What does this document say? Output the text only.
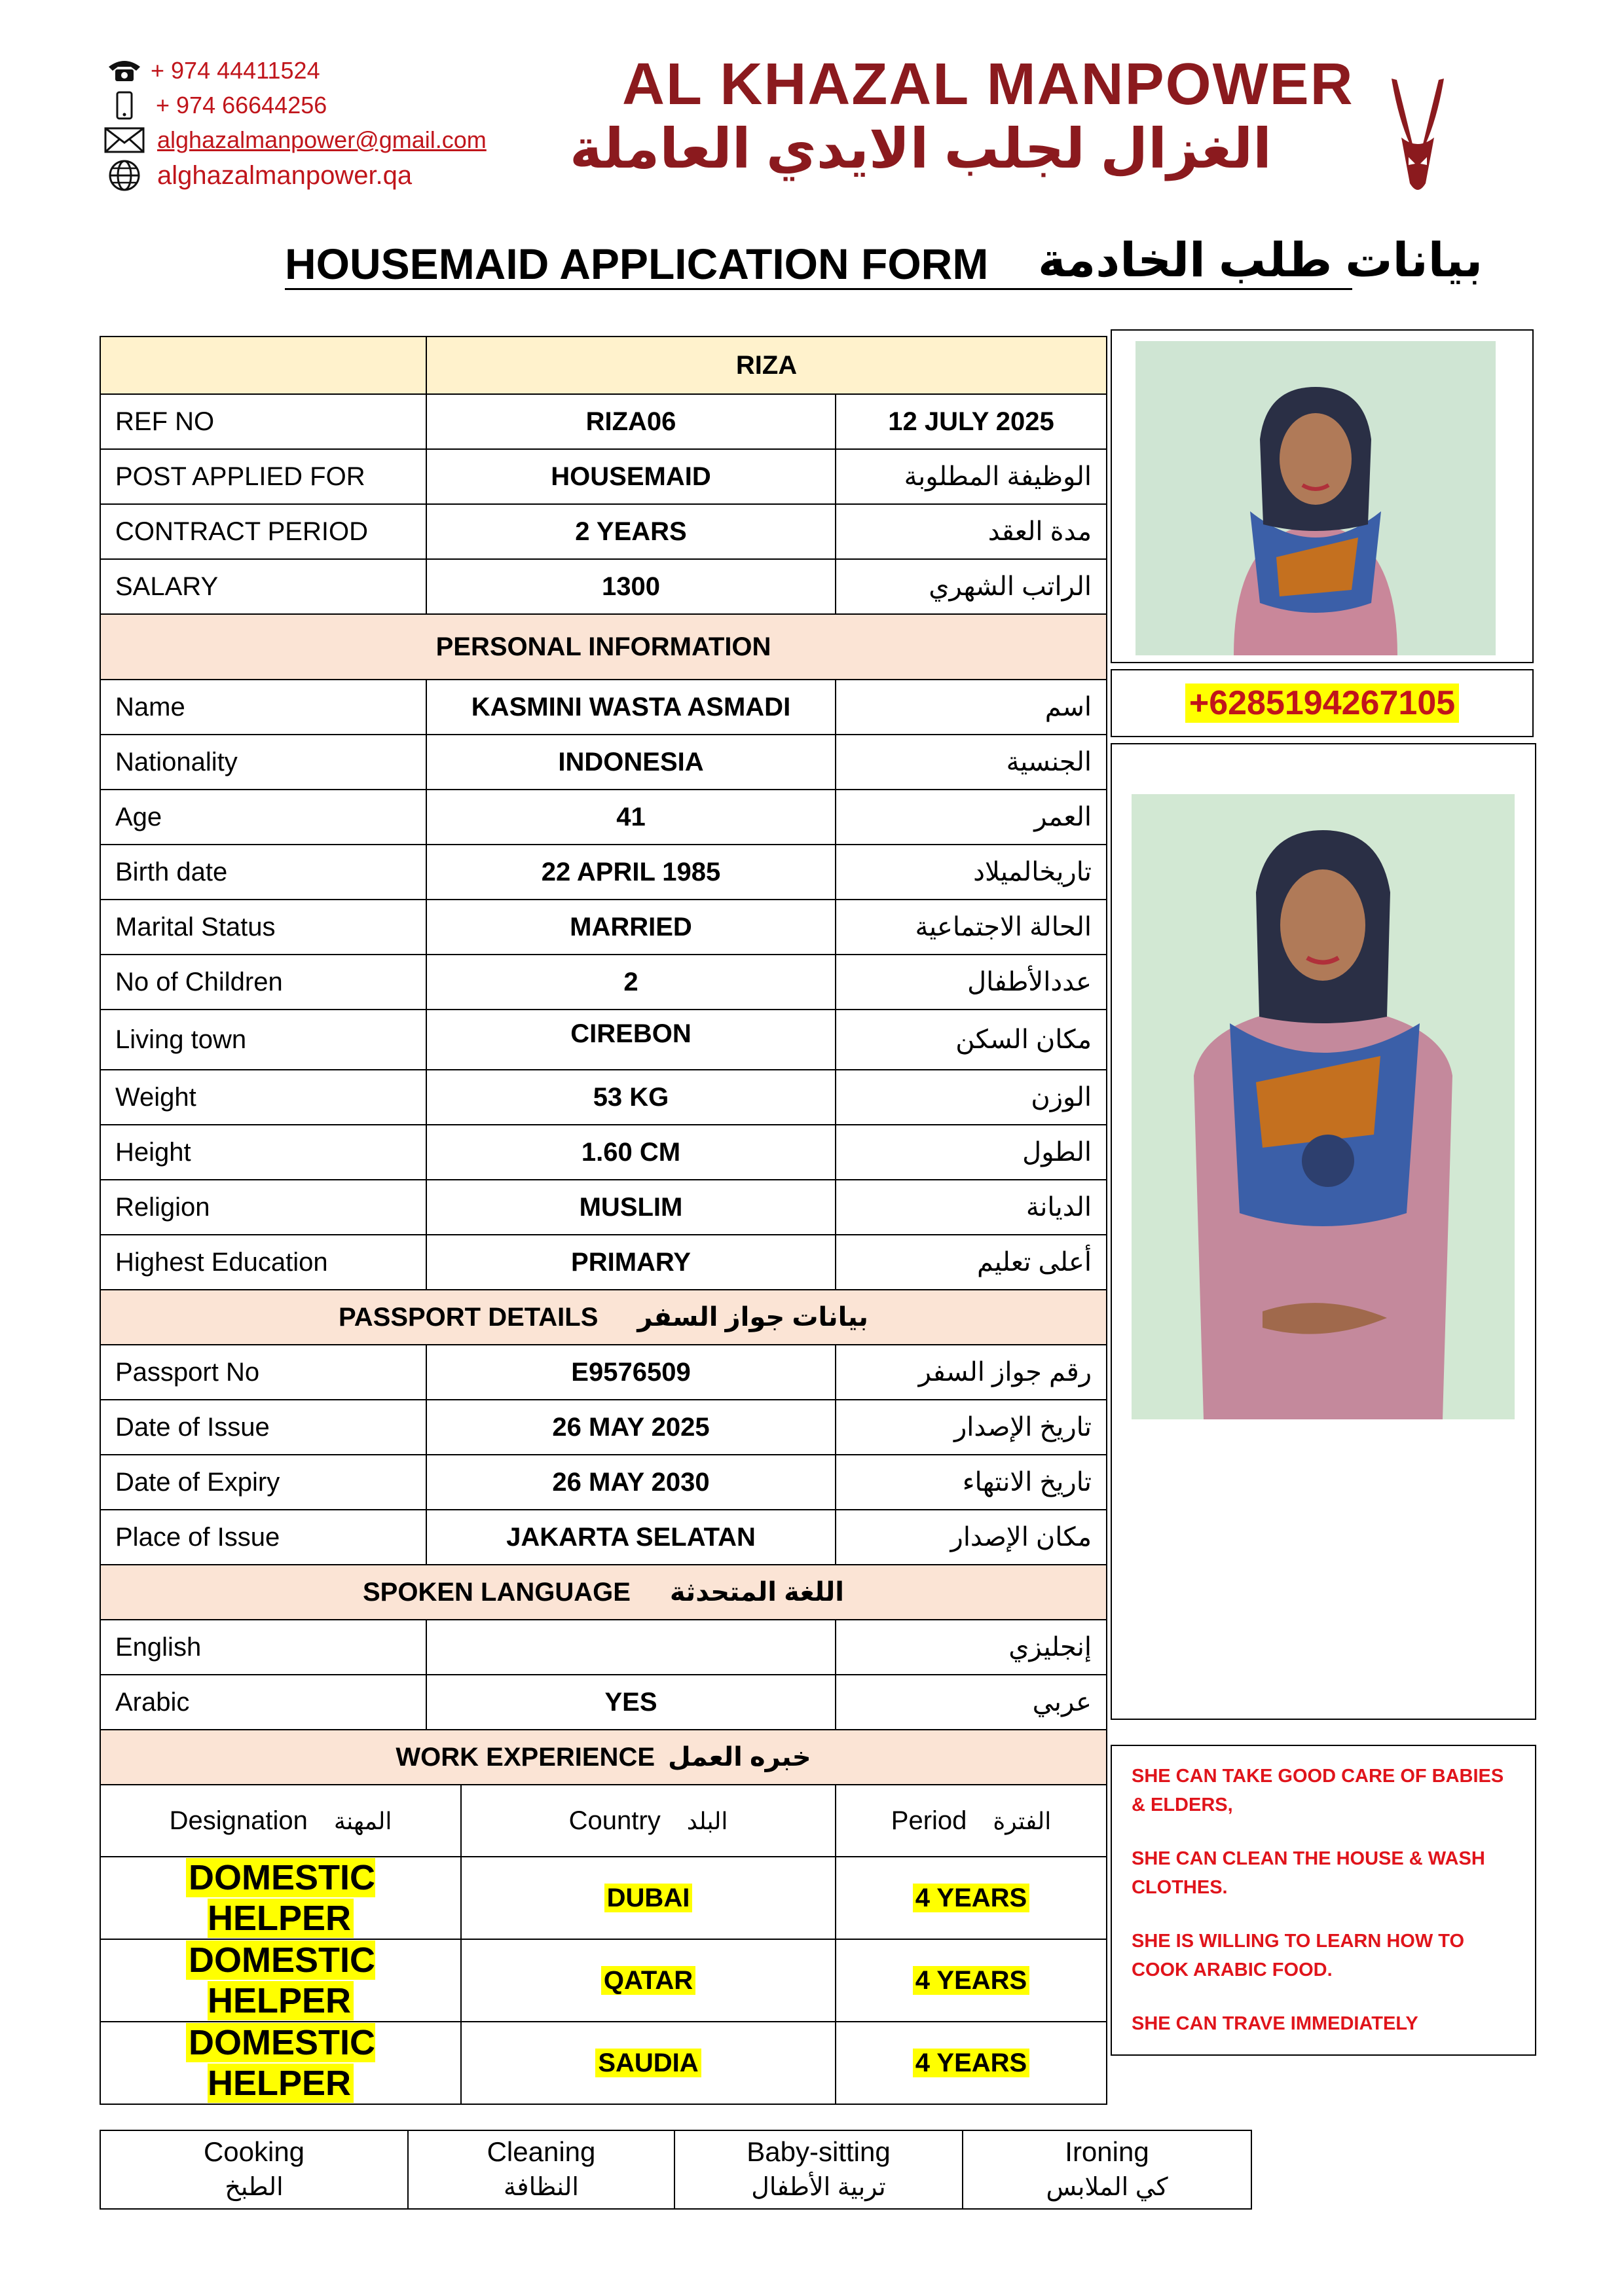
+ 974 44411524
+ 974 66644256
alghazalmanpower@gmail.com
alghazalmanpower.qa
AL KHAZAL MANPOWER
الغزال لجلب الايدي العاملة
HOUSEMAID APPLICATION FORM بيانات طلب الخادمة
	RIZA		
REF NO	RIZA06		12 JULY 2025
POST APPLIED FOR	HOUSEMAID		الوظيفة المطلوبة
CONTRACT PERIOD	2 YEARS		مدة العقد
SALARY	1300		الراتب الشهري
PERSONAL INFORMATION			
Name	KASMINI WASTA ASMADI		اسم
Nationality	INDONESIA		الجنسية
Age	41		العمر
Birth date	22 APRIL 1985		تاريخالميلاد
Marital Status	MARRIED		الحالة الاجتماعية
No of Children	2		عددالأطفال
Living town	CIREBON		مكان السكن
Weight	53 KG		الوزن
Height	1.60 CM		الطول
Religion	MUSLIM		الديانة
Highest Education	PRIMARY		أعلى تعليم
PASSPORT DETAILS بيانات جواز السفر			
Passport No	E9576509		رقم جواز السفر
Date of Issue	26 MAY 2025		تاريخ الإصدار
Date of Expiry	26 MAY 2030		تاريخ الانتهاء
Place of Issue	JAKARTA SELATAN		مكان الإصدار
SPOKEN LANGUAGE اللغة المتحدثة			
English			إنجليزي
Arabic	YES		عربي
WORK EXPERIENCE خبره العمل			
Designation المهنة		Country البلد	Period الفترة
DOMESTIC HELPER		DUBAI	4 YEARS
DOMESTIC HELPER		QATAR	4 YEARS
DOMESTIC HELPER		SAUDIA	4 YEARS
+6285194267105

SHE CAN TAKE GOOD CARE OF BABIES & ELDERS,

SHE CAN CLEAN THE HOUSE & WASH CLOTHES.

SHE IS WILLING TO LEARN HOW TO COOK ARABIC FOOD.

SHE CAN TRAVE IMMEDIATELY

Cooking
الطبخ

Cleaning
النظافة

Baby-sitting
تربية الأطفال

Ironing
كي الملابس
